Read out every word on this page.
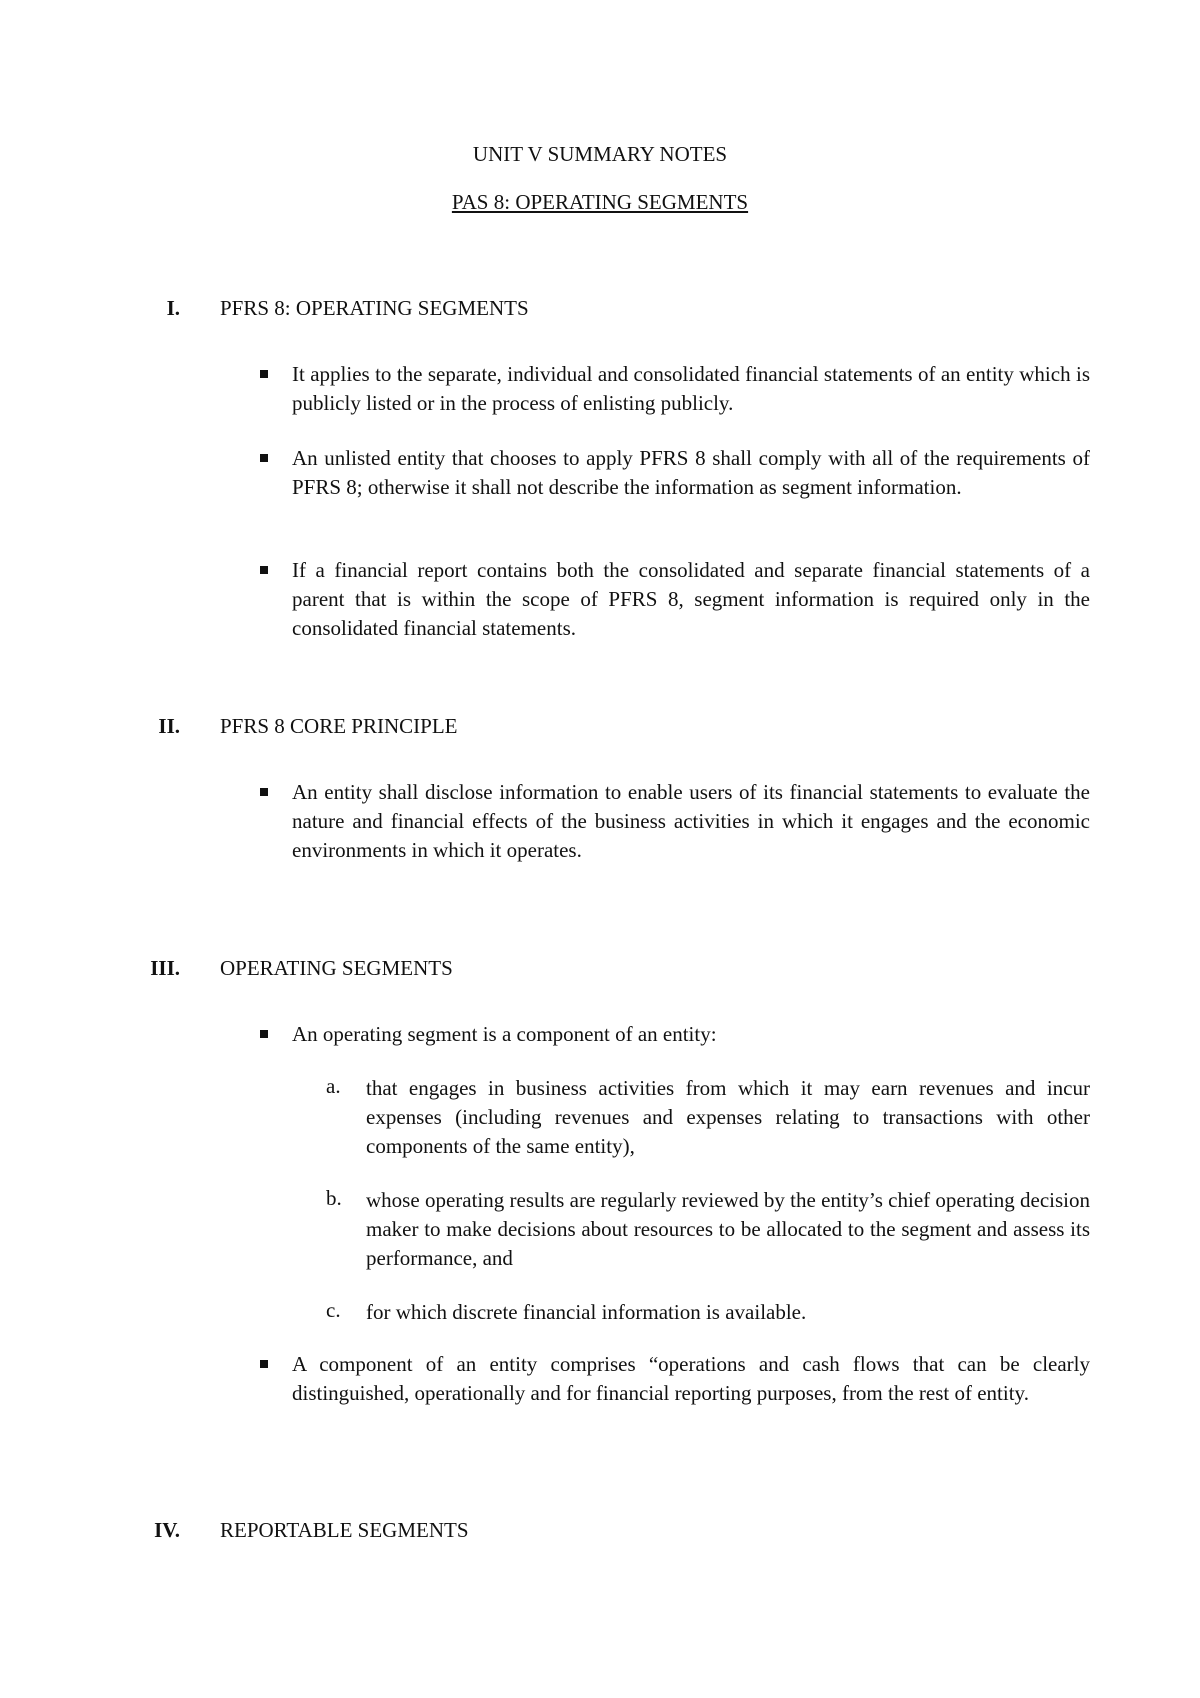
UNIT V SUMMARY NOTES
PAS 8: OPERATING SEGMENTS
I. PFRS 8: OPERATING SEGMENTS
It applies to the separate, individual and consolidated financial statements of an entity which is publicly listed or in the process of enlisting publicly.
An unlisted entity that chooses to apply PFRS 8 shall comply with all of the requirements of PFRS 8; otherwise it shall not describe the information as segment information.
If a financial report contains both the consolidated and separate financial statements of a parent that is within the scope of PFRS 8, segment information is required only in the consolidated financial statements.
II. PFRS 8 CORE PRINCIPLE
An entity shall disclose information to enable users of its financial statements to evaluate the nature and financial effects of the business activities in which it engages and the economic environments in which it operates.
III. OPERATING SEGMENTS
An operating segment is a component of an entity:
a. that engages in business activities from which it may earn revenues and incur expenses (including revenues and expenses relating to transactions with other components of the same entity),
b. whose operating results are regularly reviewed by the entity’s chief operating decision maker to make decisions about resources to be allocated to the segment and assess its performance, and
c. for which discrete financial information is available.
A component of an entity comprises “operations and cash flows that can be clearly distinguished, operationally and for financial reporting purposes, from the rest of entity.
IV. REPORTABLE SEGMENTS
